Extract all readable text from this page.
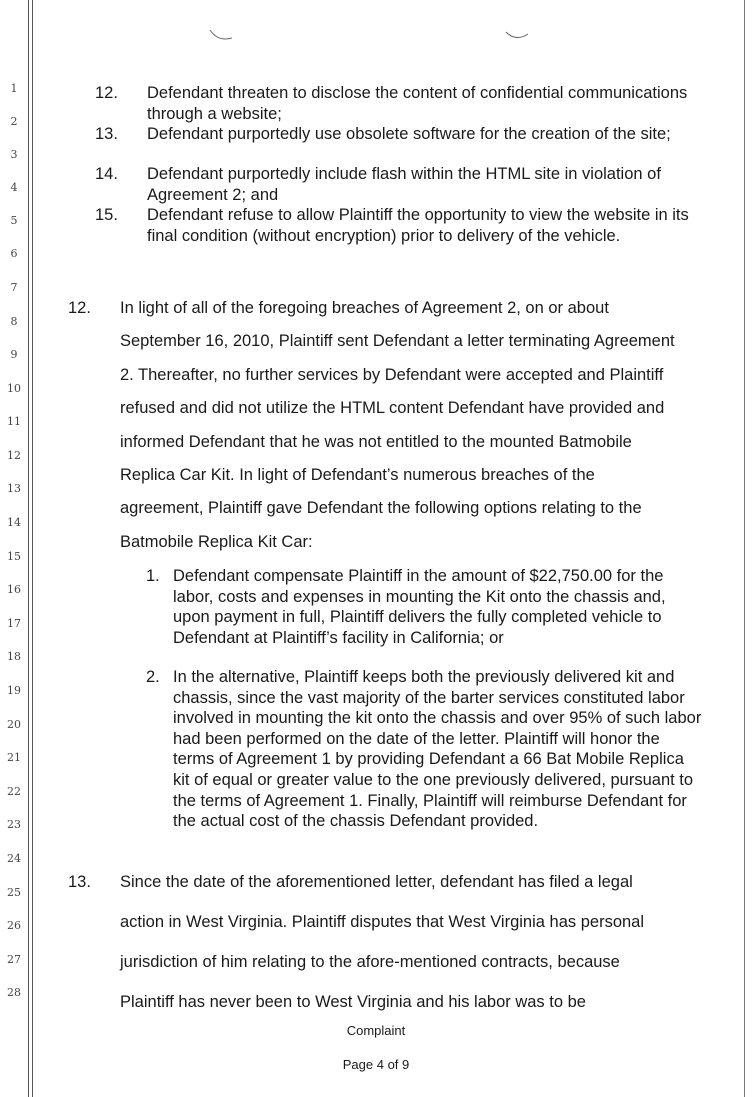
1
2
3
4
5
6
7
8
9
10
11
12
13
14
15
16
17
18
19
20
21
22
23
24
25
26
27
28
12. Defendant threaten to disclose the content of confidential communications through a website;
13. Defendant purportedly use obsolete software for the creation of the site;
14. Defendant purportedly include flash within the HTML site in violation of Agreement 2; and
15. Defendant refuse to allow Plaintiff the opportunity to view the website in its final condition (without encryption) prior to delivery of the vehicle.
12. In light of all of the foregoing breaches of Agreement 2, on or about
September 16, 2010, Plaintiff sent Defendant a letter terminating Agreement
2. Thereafter, no further services by Defendant were accepted and Plaintiff
refused and did not utilize the HTML content Defendant have provided and
informed Defendant that he was not entitled to the mounted Batmobile
Replica Car Kit. In light of Defendant’s numerous breaches of the
agreement, Plaintiff gave Defendant the following options relating to the
Batmobile Replica Kit Car:
1. Defendant compensate Plaintiff in the amount of $22,750.00 for the labor, costs and expenses in mounting the Kit onto the chassis and, upon payment in full, Plaintiff delivers the fully completed vehicle to Defendant at Plaintiff’s facility in California; or
2. In the alternative, Plaintiff keeps both the previously delivered kit and chassis, since the vast majority of the barter services constituted labor involved in mounting the kit onto the chassis and over 95% of such labor had been performed on the date of the letter. Plaintiff will honor the terms of Agreement 1 by providing Defendant a 66 Bat Mobile Replica kit of equal or greater value to the one previously delivered, pursuant to the terms of Agreement 1. Finally, Plaintiff will reimburse Defendant for the actual cost of the chassis Defendant provided.
13. Since the date of the aforementioned letter, defendant has filed a legal
action in West Virginia. Plaintiff disputes that West Virginia has personal
jurisdiction of him relating to the afore-mentioned contracts, because
Plaintiff has never been to West Virginia and his labor was to be
Complaint
Page 4 of 9
